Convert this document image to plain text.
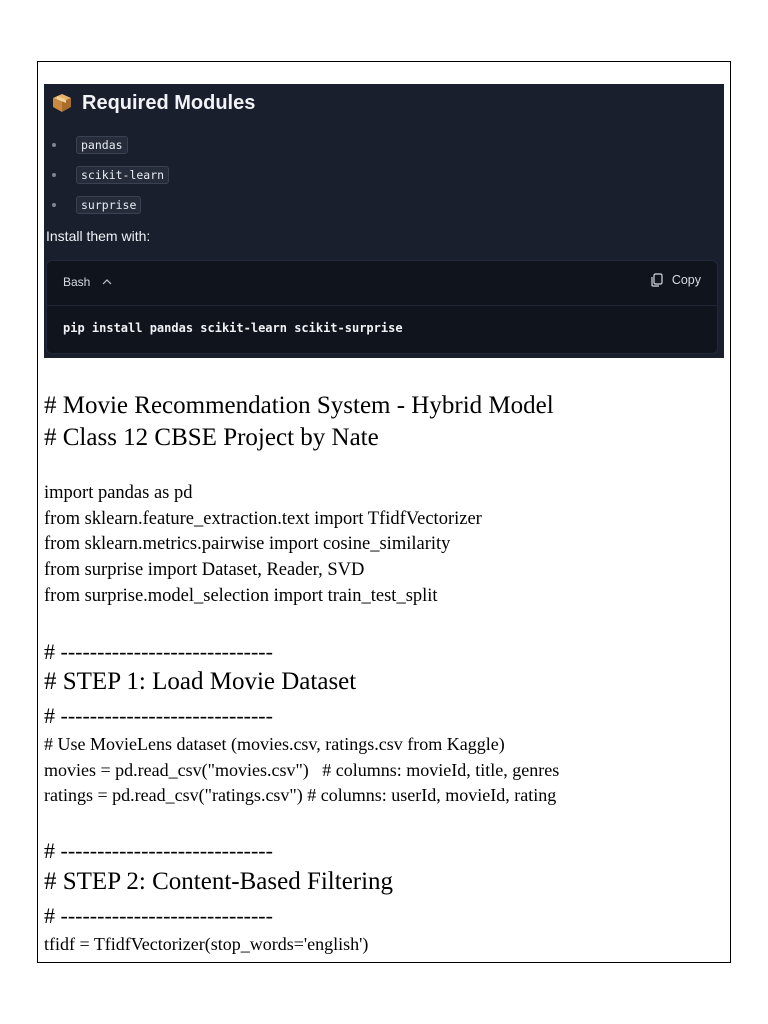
Required Modules
pandas
scikit-learn
surprise
Install them with:
Bash	Copy
pip install pandas scikit-learn scikit-surprise
# Movie Recommendation System - Hybrid Model
# Class 12 CBSE Project by Nate
import pandas as pd
from sklearn.feature_extraction.text import TfidfVectorizer
from sklearn.metrics.pairwise import cosine_similarity
from surprise import Dataset, Reader, SVD
from surprise.model_selection import train_test_split
# -----------------------------
# STEP 1: Load Movie Dataset
# -----------------------------
# Use MovieLens dataset (movies.csv, ratings.csv from Kaggle)
movies = pd.read_csv("movies.csv")   # columns: movieId, title, genres
ratings = pd.read_csv("ratings.csv") # columns: userId, movieId, rating
# -----------------------------
# STEP 2: Content-Based Filtering
# -----------------------------
tfidf = TfidfVectorizer(stop_words='english')
